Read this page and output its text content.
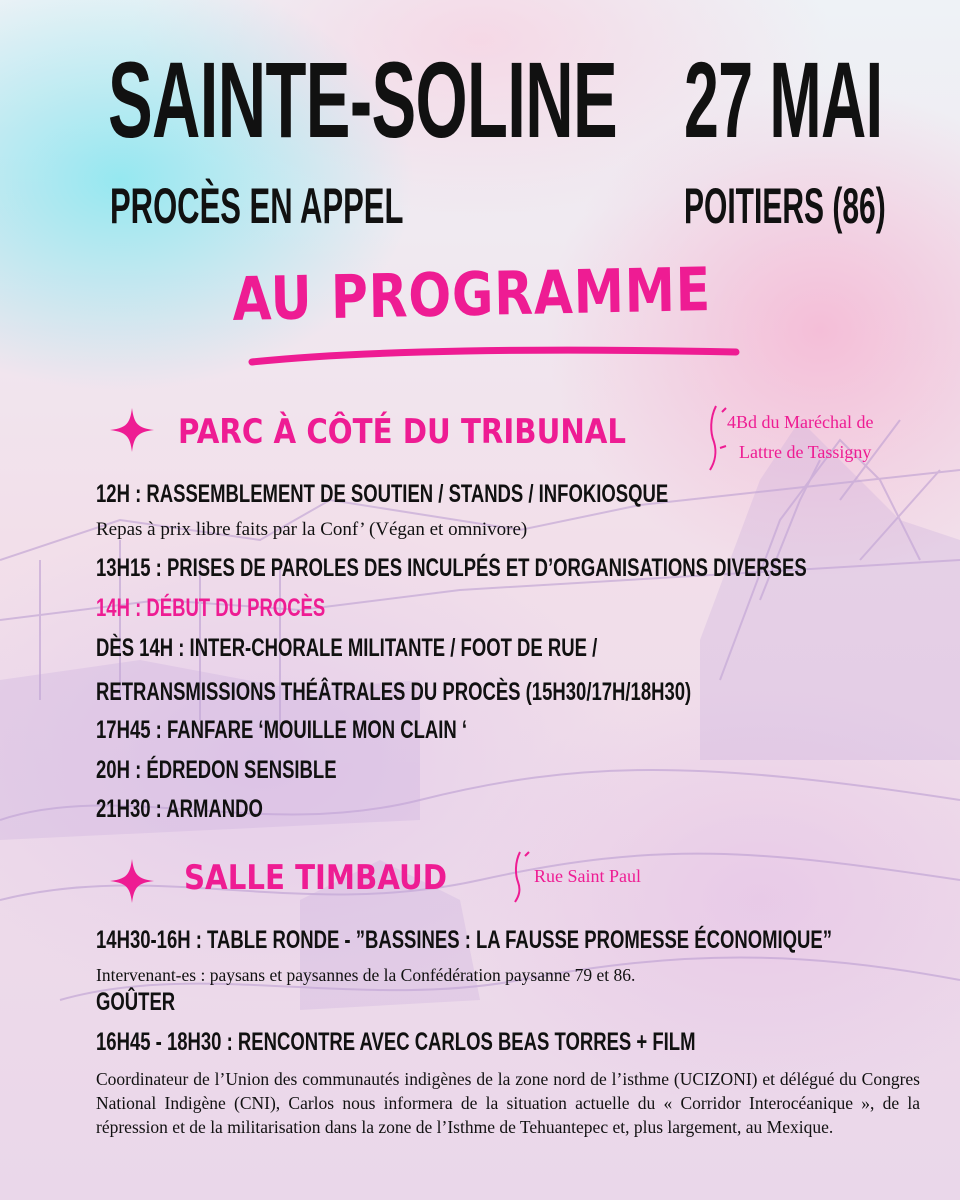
SAINTE-SOLINE

PROCÈS EN APPEL

27 MAI

POITIERS (86)

AU PROGRAMME
PARC À CÔTÉ DU TRIBUNAL	4Bd du Maréchal de

Lattre de Tassigny

12H : RASSEMBLEMENT DE SOUTIEN / STANDS / INFOKIOSQUE

Repas à prix libre faits par la Conf’ (Végan et omnivore)

13H15 : PRISES DE PAROLES DES INCULPÉS ET D’ORGANISATIONS DIVERSES

14H : DÉBUT DU PROCÈS

DÈS 14H : INTER-CHORALE MILITANTE / FOOT DE RUE /

RETRANSMISSIONS THÉÂTRALES DU PROCÈS (15H30/17H/18H30)

17H45 : FANFARE ‘MOUILLE MON CLAIN ‘

20H : ÉDREDON SENSIBLE

21H30 : ARMANDO

SALLE TIMBAUD	Rue Saint Paul

14H30-16H : TABLE RONDE - ”BASSINES : LA FAUSSE PROMESSE ÉCONOMIQUE”

Intervenant-es : paysans et paysannes de la Confédération paysanne 79 et 86.

GOÛTER

16H45 - 18H30 : RENCONTRE AVEC CARLOS BEAS TORRES + FILM

Coordinateur de l’Union des communautés indigènes de la zone nord de l’isthme (UCIZONI) et délégué du Congres National Indigène (CNI), Carlos nous informera de la situation actuelle du « Corridor Interocéanique », de la répression et de la militarisation dans la zone de l’Isthme de Tehuantepec et, plus largement, au Mexique.
